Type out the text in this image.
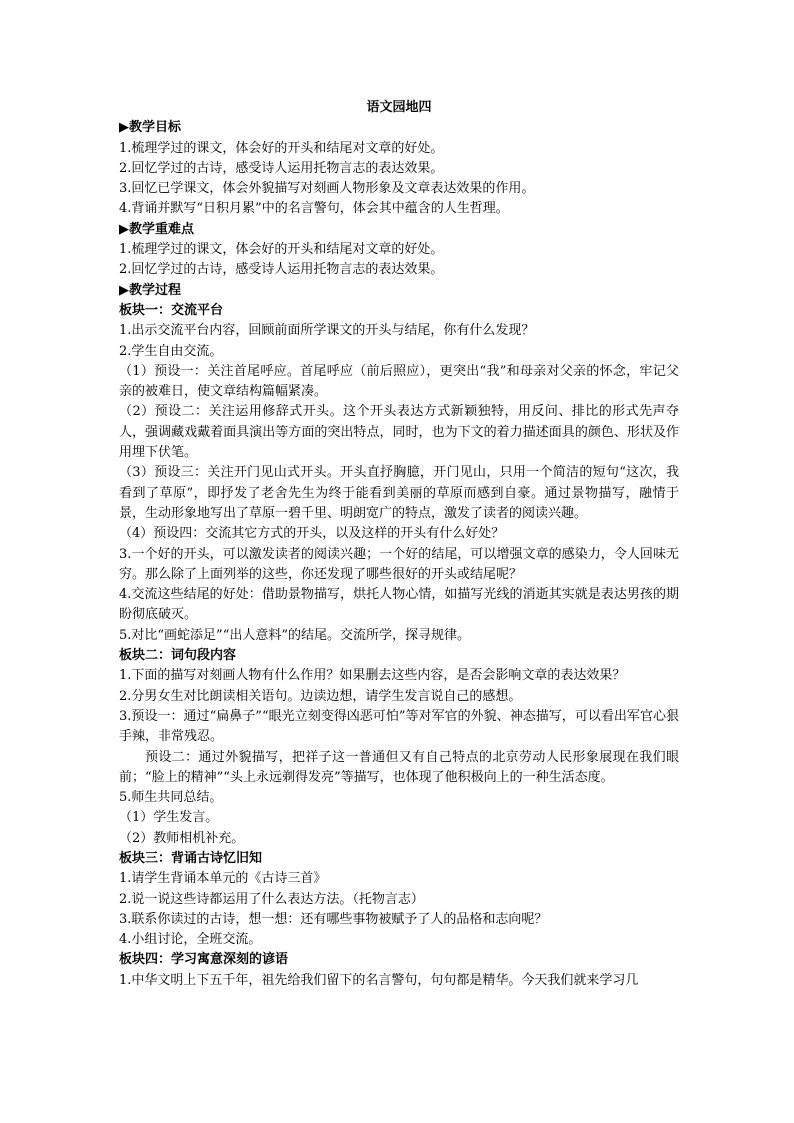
语文园地四
▶教学目标
1.梳理学过的课文，体会好的开头和结尾对文章的好处。
2.回忆学过的古诗，感受诗人运用托物言志的表达效果。
3.回忆已学课文，体会外貌描写对刻画人物形象及文章表达效果的作用。
4.背诵并默写“日积月累”中的名言警句，体会其中蕴含的人生哲理。
▶教学重难点
1.梳理学过的课文，体会好的开头和结尾对文章的好处。
2.回忆学过的古诗，感受诗人运用托物言志的表达效果。
▶教学过程
板块一：交流平台
1.出示交流平台内容，回顾前面所学课文的开头与结尾，你有什么发现？
2.学生自由交流。
（1）预设一：关注首尾呼应。首尾呼应（前后照应），更突出“我”和母亲对父亲的怀念，牢记父亲的被难日，使文章结构篇幅紧凑。
（2）预设二：关注运用修辞式开头。这个开头表达方式新颖独特，用反问、排比的形式先声夺人，强调藏戏戴着面具演出等方面的突出特点，同时，也为下文的着力描述面具的颜色、形状及作用埋下伏笔。
（3）预设三：关注开门见山式开头。开头直抒胸臆，开门见山，只用一个简洁的短句“这次，我看到了草原”，即抒发了老舍先生为终于能看到美丽的草原而感到自豪。通过景物描写，融情于景，生动形象地写出了草原一碧千里、明朗宽广的特点，激发了读者的阅读兴趣。
（4）预设四：交流其它方式的开头，以及这样的开头有什么好处？
3.一个好的开头，可以激发读者的阅读兴趣；一个好的结尾，可以增强文章的感染力，令人回味无穷。那么除了上面列举的这些，你还发现了哪些很好的开头或结尾呢？
4.交流这些结尾的好处：借助景物描写，烘托人物心情，如描写光线的消逝其实就是表达男孩的期盼彻底破灭。
5.对比“画蛇添足”“出人意料”的结尾。交流所学，探寻规律。
板块二：词句段内容
1.下面的描写对刻画人物有什么作用？如果删去这些内容，是否会影响文章的表达效果？
2.分男女生对比朗读相关语句。边读边想，请学生发言说自己的感想。
3.预设一：通过“扁鼻子”“眼光立刻变得凶恶可怕”等对军官的外貌、神态描写，可以看出军官心狠手辣，非常残忍。
预设二：通过外貌描写，把祥子这一普通但又有自己特点的北京劳动人民形象展现在我们眼前；“脸上的精神”“头上永远剃得发亮”等描写，也体现了他积极向上的一种生活态度。
5.师生共同总结。
（1）学生发言。
（2）教师相机补充。
板块三：背诵古诗忆旧知
1.请学生背诵本单元的《古诗三首》
2.说一说这些诗都运用了什么表达方法。（托物言志）
3.联系你读过的古诗，想一想：还有哪些事物被赋予了人的品格和志向呢？
4.小组讨论，全班交流。
板块四：学习寓意深刻的谚语
1.中华文明上下五千年，祖先给我们留下的名言警句，句句都是精华。今天我们就来学习几
